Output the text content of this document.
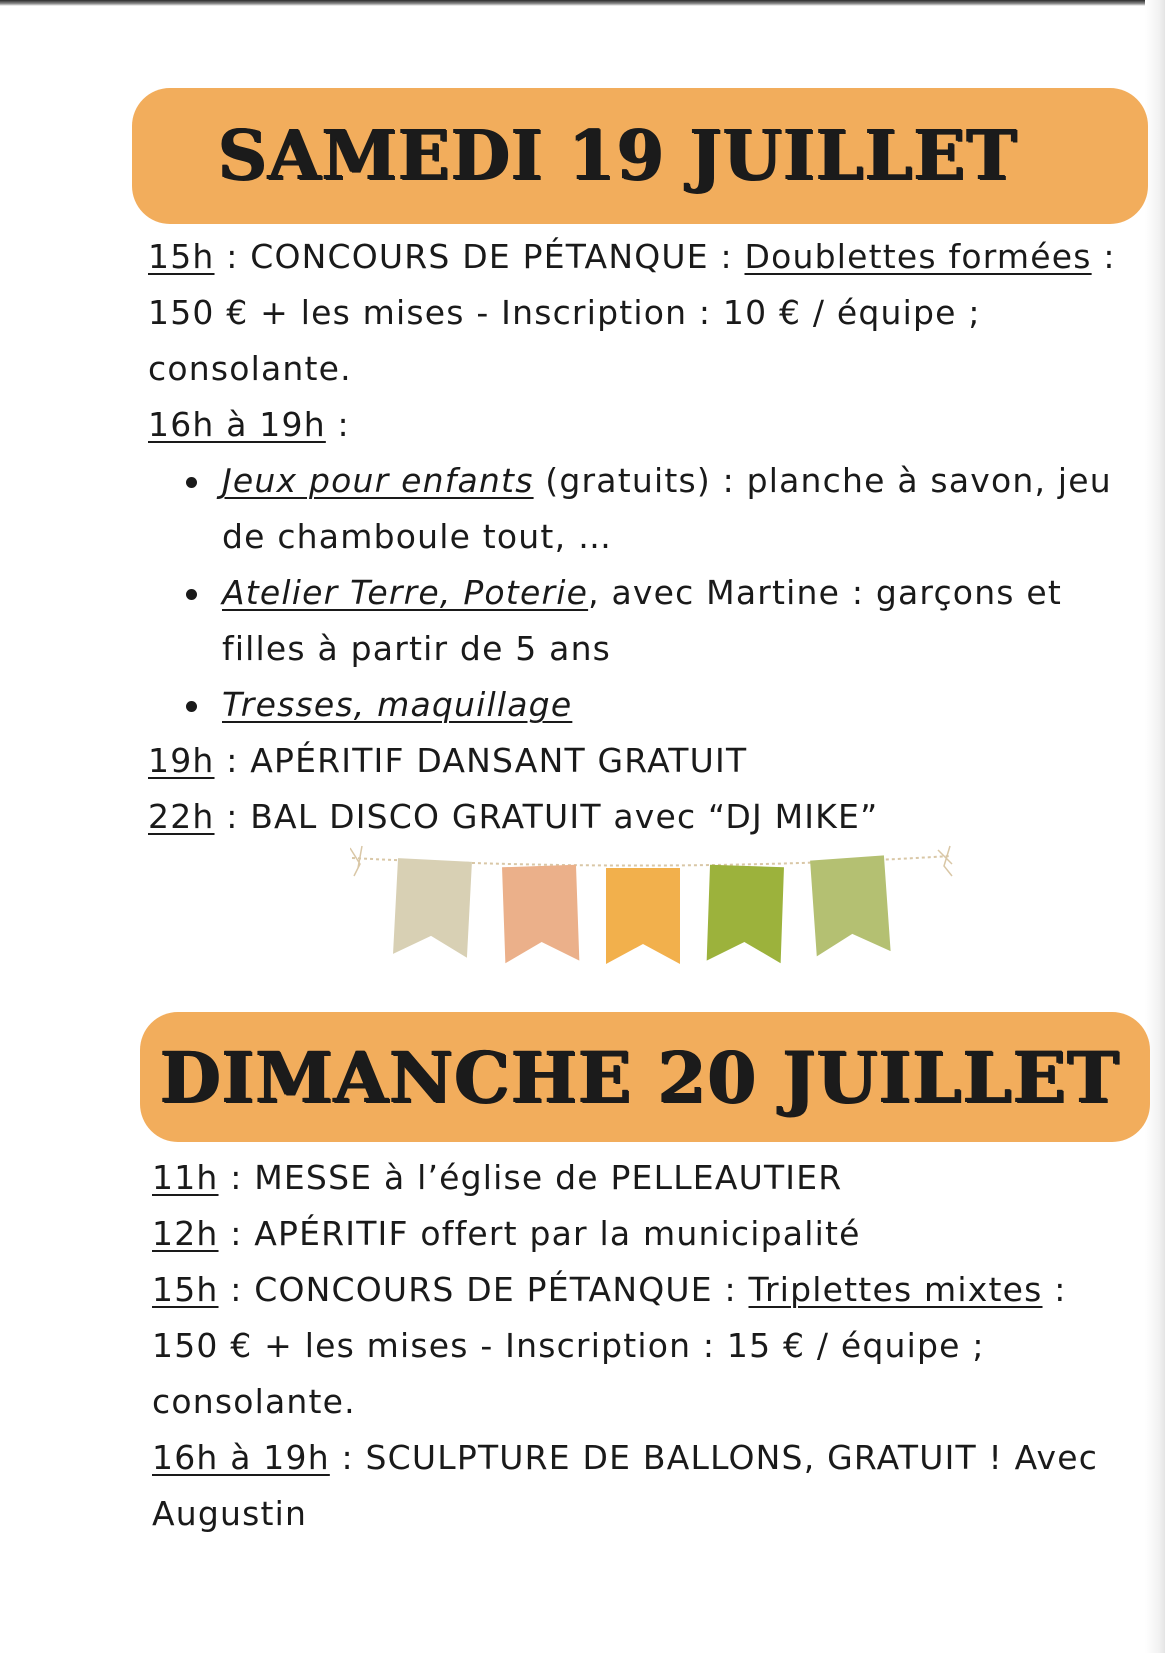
SAMEDI 19 JUILLET

15h : CONCOURS DE PÉTANQUE : Doublettes formées : 150 € + les mises - Inscription : 10 € / équipe ; consolante.

16h à 19h :

Jeux pour enfants (gratuits) : planche à savon, jeu de chamboule tout, …
Atelier Terre, Poterie, avec Martine : garçons et filles à partir de 5 ans
Tresses, maquillage

19h : APÉRITIF DANSANT GRATUIT

22h : BAL DISCO GRATUIT avec “DJ MIKE”

DIMANCHE 20 JUILLET

11h : MESSE à l’église de PELLEAUTIER

12h : APÉRITIF offert par la municipalité

15h : CONCOURS DE PÉTANQUE : Triplettes mixtes : 150 € + les mises - Inscription : 15 € / équipe ; consolante.

16h à 19h : SCULPTURE DE BALLONS, GRATUIT ! Avec Augustin
